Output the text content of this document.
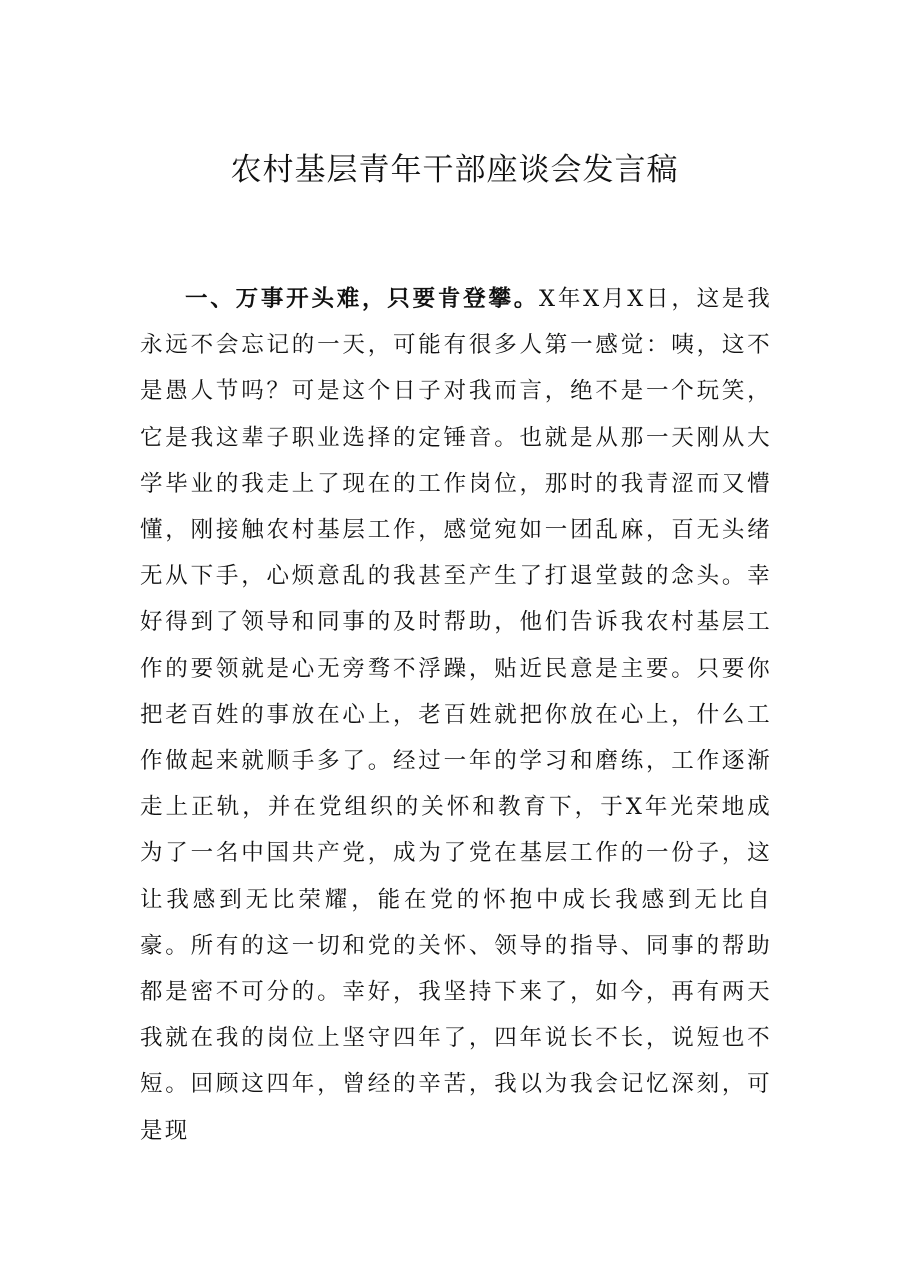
农村基层青年干部座谈会发言稿

一、万事开头难，只要肯登攀。X年X月X日，这是我永远不会忘记的一天，可能有很多人第一感觉：咦，这不是愚人节吗？可是这个日子对我而言，绝不是一个玩笑，它是我这辈子职业选择的定锤音。也就是从那一天刚从大学毕业的我走上了现在的工作岗位，那时的我青涩而又懵懂，刚接触农村基层工作，感觉宛如一团乱麻，百无头绪无从下手，心烦意乱的我甚至产生了打退堂鼓的念头。幸好得到了领导和同事的及时帮助，他们告诉我农村基层工作的要领就是心无旁骛不浮躁，贴近民意是主要。只要你把老百姓的事放在心上，老百姓就把你放在心上，什么工作做起来就顺手多了。经过一年的学习和磨练，工作逐渐走上正轨，并在党组织的关怀和教育下，于X年光荣地成为了一名中国共产党，成为了党在基层工作的一份子，这让我感到无比荣耀，能在党的怀抱中成长我感到无比自豪。所有的这一切和党的关怀、领导的指导、同事的帮助都是密不可分的。幸好，我坚持下来了，如今，再有两天我就在我的岗位上坚守四年了，四年说长不长，说短也不短。回顾这四年，曾经的辛苦，我以为我会记忆深刻，可是现
